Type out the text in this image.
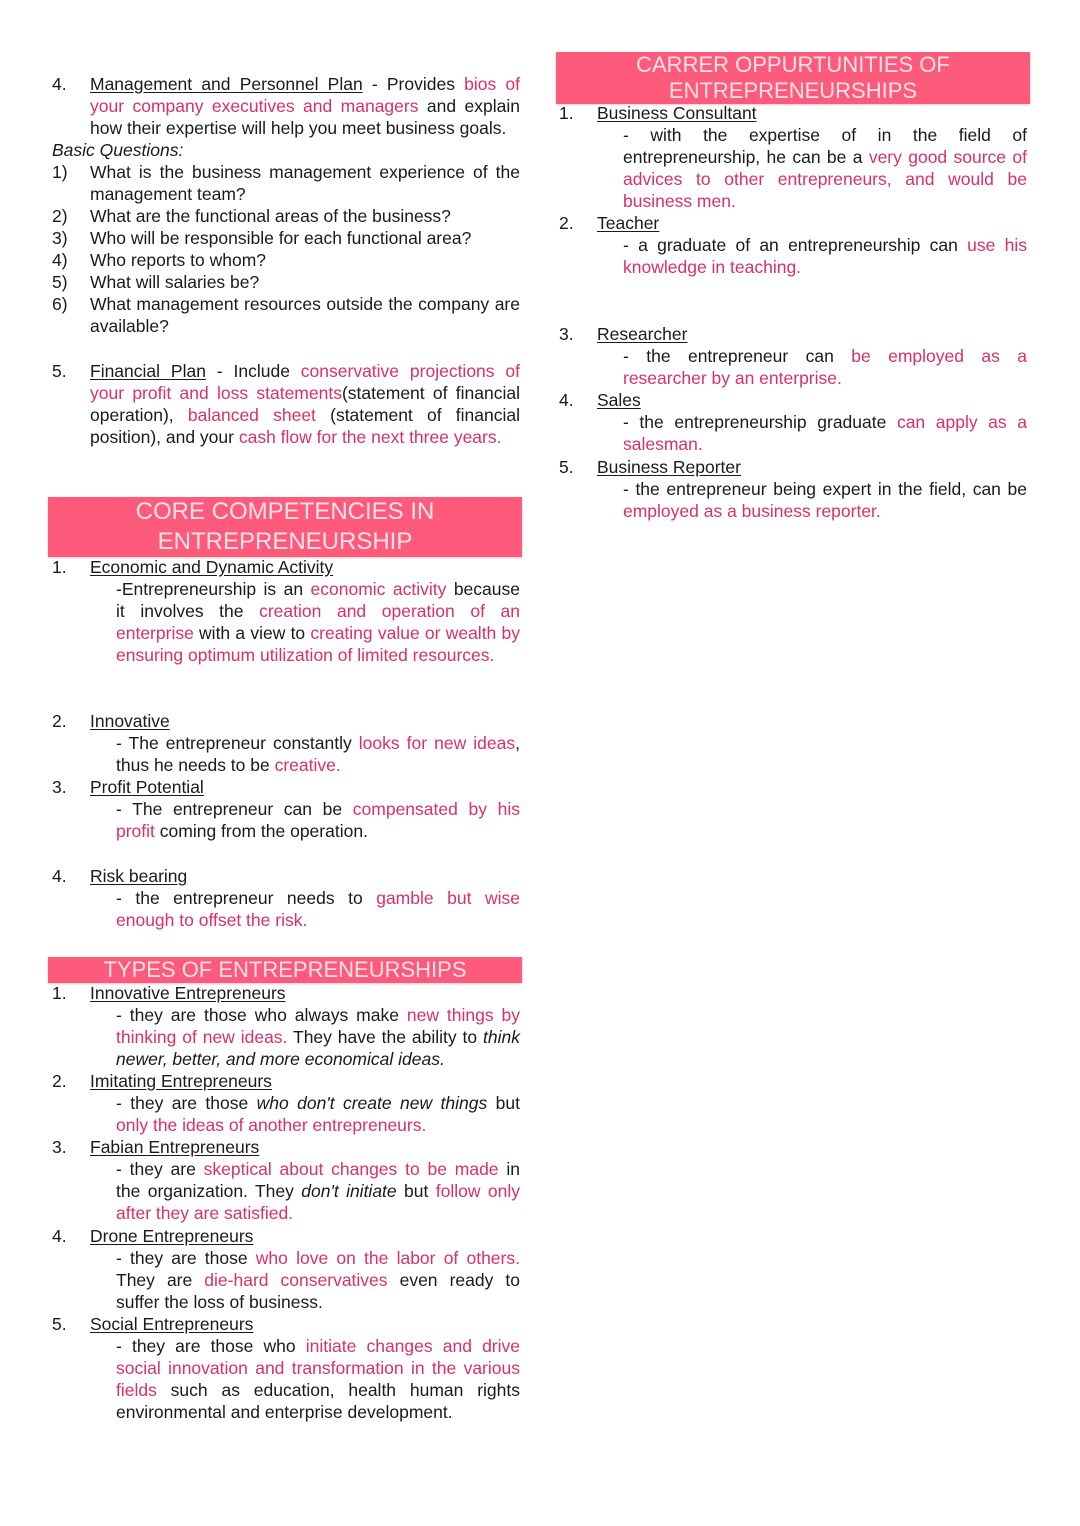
4. Management and Personnel Plan - Provides bios of your company executives and managers and explain how their expertise will help you meet business goals.
Basic Questions:
1) What is the business management experience of the management team?
2) What are the functional areas of the business?
3) Who will be responsible for each functional area?
4) Who reports to whom?
5) What will salaries be?
6) What management resources outside the company are available?
5. Financial Plan - Include conservative projections of your profit and loss statements(statement of financial operation), balanced sheet (statement of financial position), and your cash flow for the next three years.
CORE COMPETENCIES IN
ENTREPRENEURSHIP
1. Economic and Dynamic Activity
-Entrepreneurship is an economic activity because it involves the creation and operation of an enterprise with a view to creating value or wealth by ensuring optimum utilization of limited resources.
2. Innovative
- The entrepreneur constantly looks for new ideas, thus he needs to be creative.
3. Profit Potential
- The entrepreneur can be compensated by his profit coming from the operation.
4. Risk bearing
- the entrepreneur needs to gamble but wise enough to offset the risk.
TYPES OF ENTREPRENEURSHIPS
1. Innovative Entrepreneurs
- they are those who always make new things by thinking of new ideas. They have the ability to think newer, better, and more economical ideas.
2. Imitating Entrepreneurs
- they are those who don't create new things but only the ideas of another entrepreneurs.
3. Fabian Entrepreneurs
- they are skeptical about changes to be made in the organization. They don't initiate but follow only after they are satisfied.
4. Drone Entrepreneurs
- they are those who love on the labor of others. They are die-hard conservatives even ready to suffer the loss of business.
5. Social Entrepreneurs
- they are those who initiate changes and drive social innovation and transformation in the various fields such as education, health human rights environmental and enterprise development.
CARRER OPPURTUNITIES OF
ENTREPRENEURSHIPS
1. Business Consultant
- with the expertise of in the field of entrepreneurship, he can be a very good source of advices to other entrepreneurs, and would be business men.
2. Teacher
- a graduate of an entrepreneurship can use his knowledge in teaching.
3. Researcher
- the entrepreneur can be employed as a researcher by an enterprise.
4. Sales
- the entrepreneurship graduate can apply as a salesman.
5. Business Reporter
- the entrepreneur being expert in the field, can be employed as a business reporter.
